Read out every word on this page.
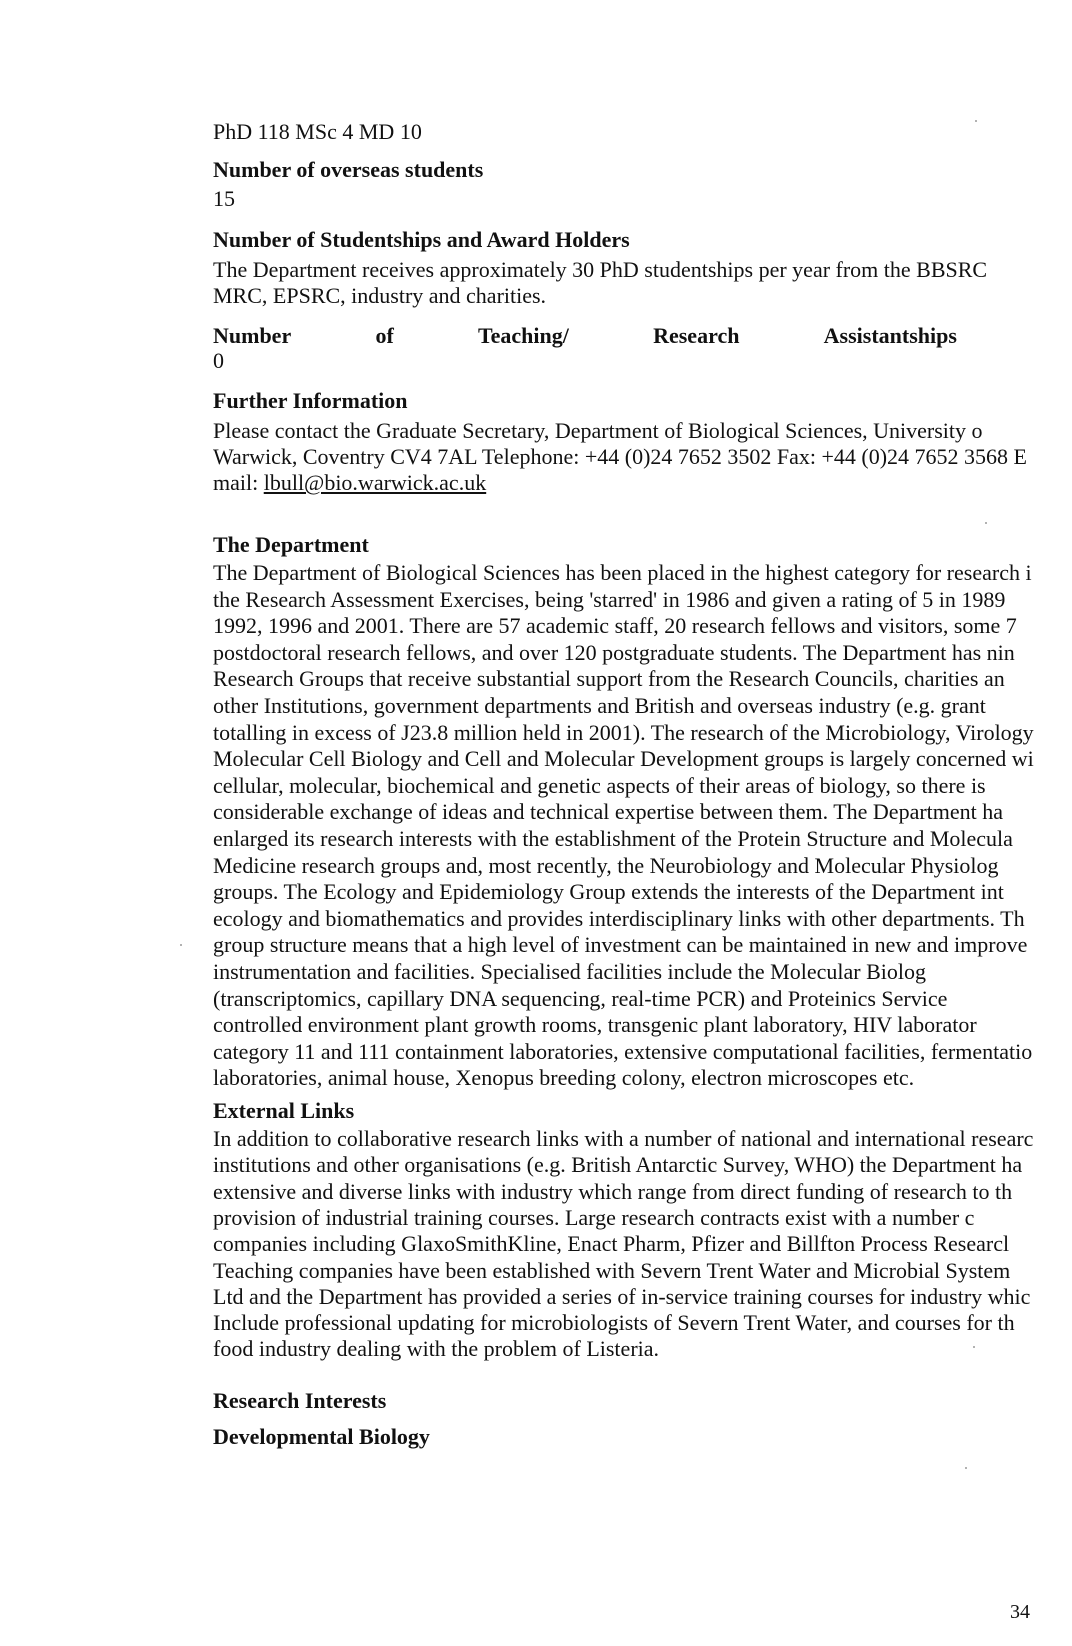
PhD 118 MSc 4 MD 10
Number of overseas students
15
Number of Studentships and Award Holders
The Department receives approximately 30 PhD studentships per year from the BBSRC
MRC, EPSRC, industry and charities.
Number	of	Teaching/	Research	Assistantships
0
Further Information
Please contact the Graduate Secretary, Department of Biological Sciences, University o
Warwick, Coventry CV4 7AL Telephone: +44 (0)24 7652 3502 Fax: +44 (0)24 7652 3568 E
mail: lbull@bio.warwick.ac.uk
The Department
The Department of Biological Sciences has been placed in the highest category for research i
the Research Assessment Exercises, being 'starred' in 1986 and given a rating of 5 in 1989
1992, 1996 and 2001. There are 57 academic staff, 20 research fellows and visitors, some 7
postdoctoral research fellows, and over 120 postgraduate students. The Department has nin
Research Groups that receive substantial support from the Research Councils, charities an
other Institutions, government departments and British and overseas industry (e.g. grant
totalling in excess of J23.8 million held in 2001). The research of the Microbiology, Virology
Molecular Cell Biology and Cell and Molecular Development groups is largely concerned wi
cellular, molecular, biochemical and genetic aspects of their areas of biology, so there is
considerable exchange of ideas and technical expertise between them. The Department ha
enlarged its research interests with the establishment of the Protein Structure and Molecula
Medicine research groups and, most recently, the Neurobiology and Molecular Physiolog
groups. The Ecology and Epidemiology Group extends the interests of the Department int
ecology and biomathematics and provides interdisciplinary links with other departments. Th
group structure means that a high level of investment can be maintained in new and improve
instrumentation and facilities. Specialised facilities include the Molecular Biolog
(transcriptomics, capillary DNA sequencing, real-time PCR) and Proteinics Service
controlled environment plant growth rooms, transgenic plant laboratory, HIV laborator
category 11 and 111 containment laboratories, extensive computational facilities, fermentatio
laboratories, animal house, Xenopus breeding colony, electron microscopes etc.
External Links
In addition to collaborative research links with a number of national and international researc
institutions and other organisations (e.g. British Antarctic Survey, WHO) the Department ha
extensive and diverse links with industry which range from direct funding of research to th
provision of industrial training courses. Large research contracts exist with a number c
companies including GlaxoSmithKline, Enact Pharm, Pfizer and Billfton Process Researcl
Teaching companies have been established with Severn Trent Water and Microbial System
Ltd and the Department has provided a series of in-service training courses for industry whic
Include professional updating for microbiologists of Severn Trent Water, and courses for th
food industry dealing with the problem of Listeria.
Research Interests
Developmental Biology
34
